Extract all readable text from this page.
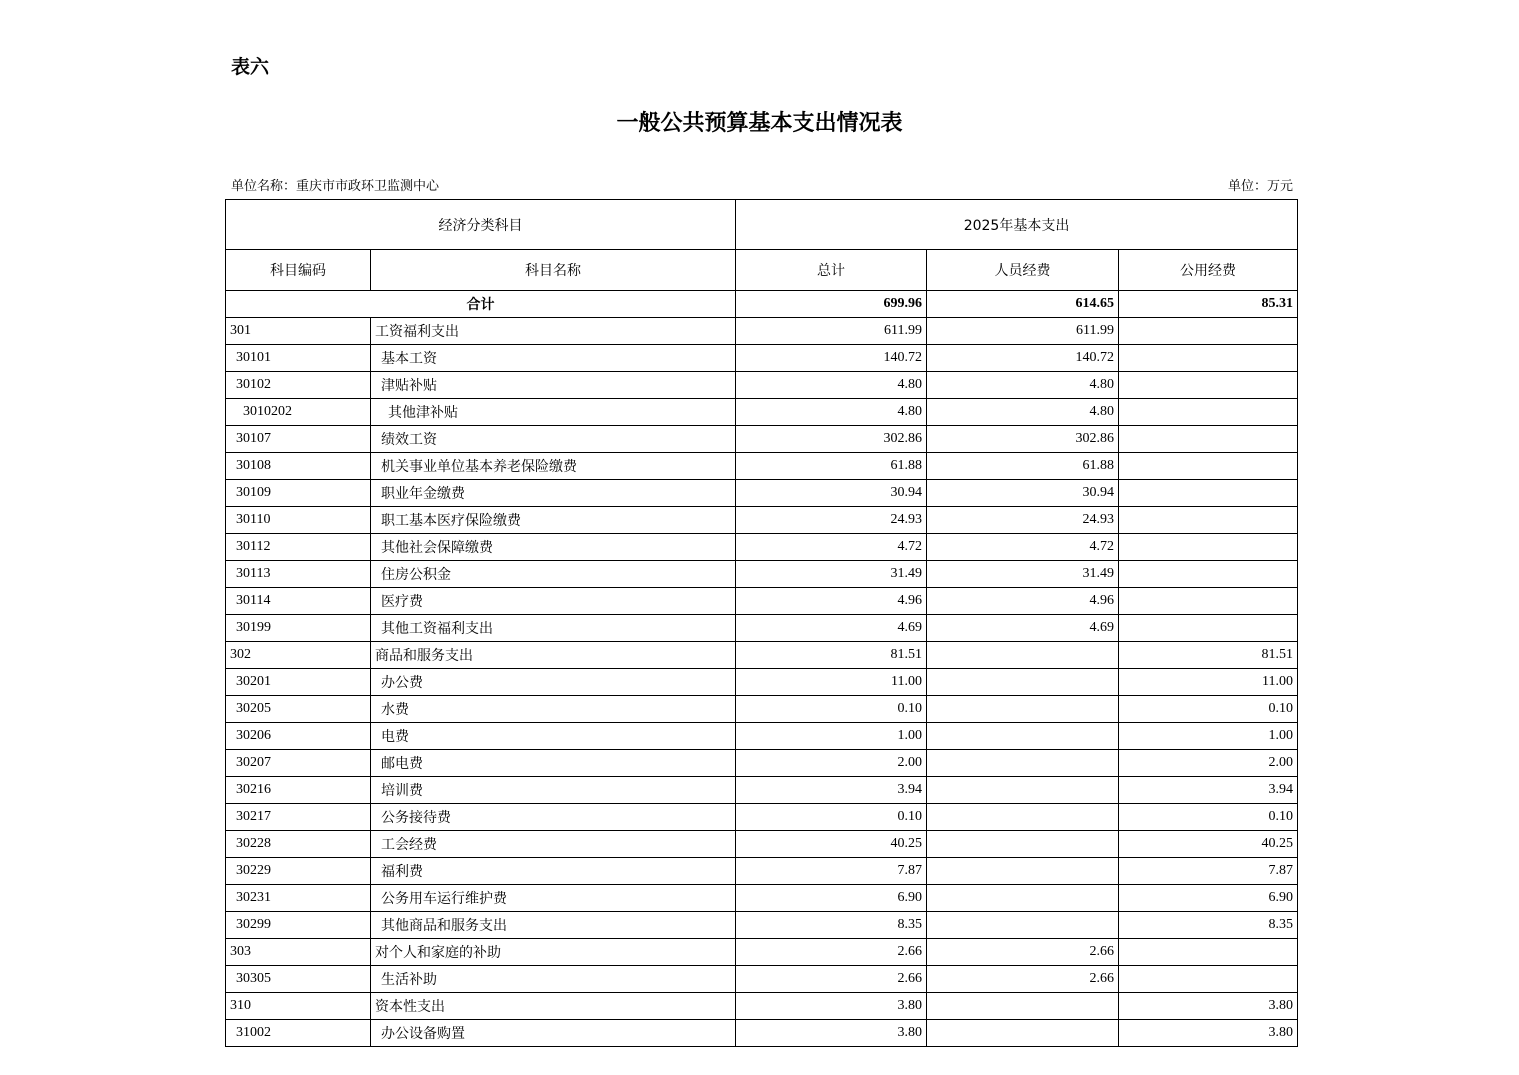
表六
一般公共预算基本支出情况表
单位名称：重庆市市政环卫监测中心	单位：万元
经济分类科目		2025年基本支出		
科目编码	科目名称	总计	人员经费	公用经费
合计		699.96	614.65	85.31
301	工资福利支出	611.99	611.99	
30101	基本工资	140.72	140.72	
30102	津贴补贴	4.80	4.80	
3010202	其他津补贴	4.80	4.80	
30107	绩效工资	302.86	302.86	
30108	机关事业单位基本养老保险缴费	61.88	61.88	
30109	职业年金缴费	30.94	30.94	
30110	职工基本医疗保险缴费	24.93	24.93	
30112	其他社会保障缴费	4.72	4.72	
30113	住房公积金	31.49	31.49	
30114	医疗费	4.96	4.96	
30199	其他工资福利支出	4.69	4.69	
302	商品和服务支出	81.51		81.51
30201	办公费	11.00		11.00
30205	水费	0.10		0.10
30206	电费	1.00		1.00
30207	邮电费	2.00		2.00
30216	培训费	3.94		3.94
30217	公务接待费	0.10		0.10
30228	工会经费	40.25		40.25
30229	福利费	7.87		7.87
30231	公务用车运行维护费	6.90		6.90
30299	其他商品和服务支出	8.35		8.35
303	对个人和家庭的补助	2.66	2.66	
30305	生活补助	2.66	2.66	
310	资本性支出	3.80		3.80
31002	办公设备购置	3.80		3.80
